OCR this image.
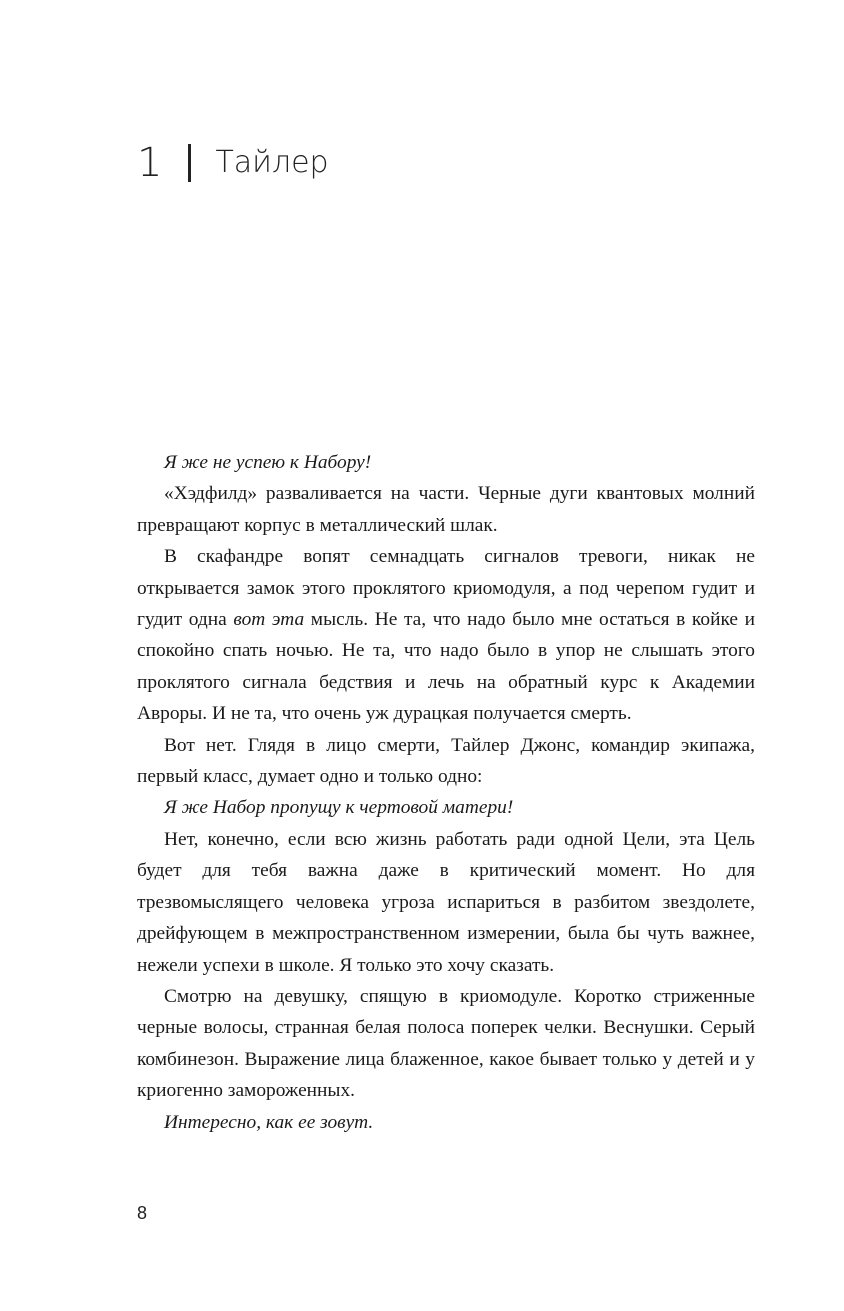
1 Тайлер

Я же не успею к Набору!

«Хэдфилд» разваливается на части. Черные дуги квантовых молний превращают корпус в металлический шлак.

В скафандре вопят семнадцать сигналов тревоги, никак не открывается замок этого проклятого криомодуля, а под черепом гудит и гудит одна вот эта мысль. Не та, что надо было мне остаться в койке и спокойно спать ночью. Не та, что надо было в упор не слышать этого проклятого сигнала бедствия и лечь на обратный курс к Академии Авроры. И не та, что очень уж дурацкая получается смерть.

Вот нет. Глядя в лицо смерти, Тайлер Джонс, командир экипажа, первый класс, думает одно и только одно:

Я же Набор пропущу к чертовой матери!

Нет, конечно, если всю жизнь работать ради одной Цели, эта Цель будет для тебя важна даже в критический момент. Но для трезвомыслящего человека угроза испариться в разбитом звездолете, дрейфующем в межпространственном измерении, была бы чуть важнее, нежели успехи в школе. Я только это хочу сказать.

Смотрю на девушку, спящую в криомодуле. Коротко стриженные черные волосы, странная белая полоса поперек челки. Веснушки. Серый комбинезон. Выражение лица блаженное, какое бывает только у детей и у криогенно замороженных.

Интересно, как ее зовут.

8
